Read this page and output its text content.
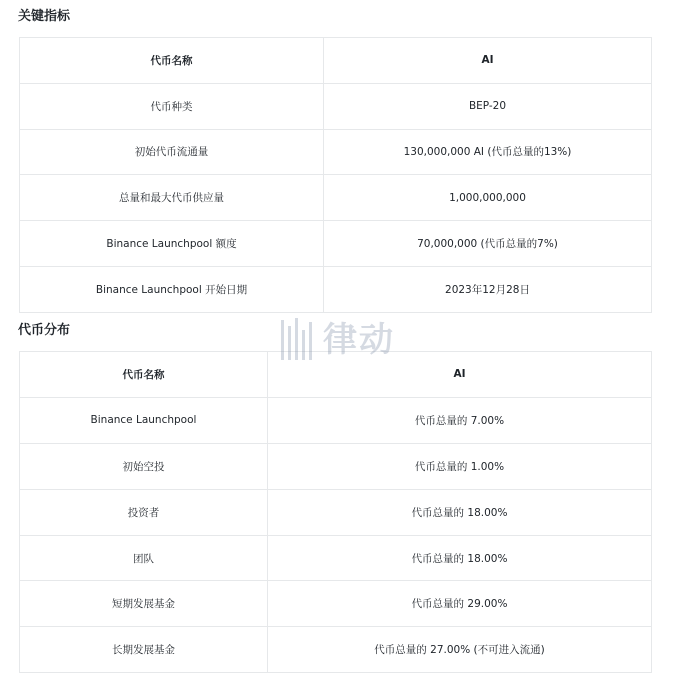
关键指标
代币名称	AI
代币种类	BEP-20
初始代币流通量	130,000,000 AI (代币总量的13%)
总量和最大代币供应量	1,000,000,000
Binance Launchpool 额度	70,000,000 (代币总量的7%)
Binance Launchpool 开始日期	2023年12月28日
代币分布
代币名称	AI
Binance Launchpool	代币总量的 7.00%
初始空投	代币总量的 1.00%
投资者	代币总量的 18.00%
团队	代币总量的 18.00%
短期发展基金	代币总量的 29.00%
长期发展基金	代币总量的 27.00% (不可进入流通)
律动
